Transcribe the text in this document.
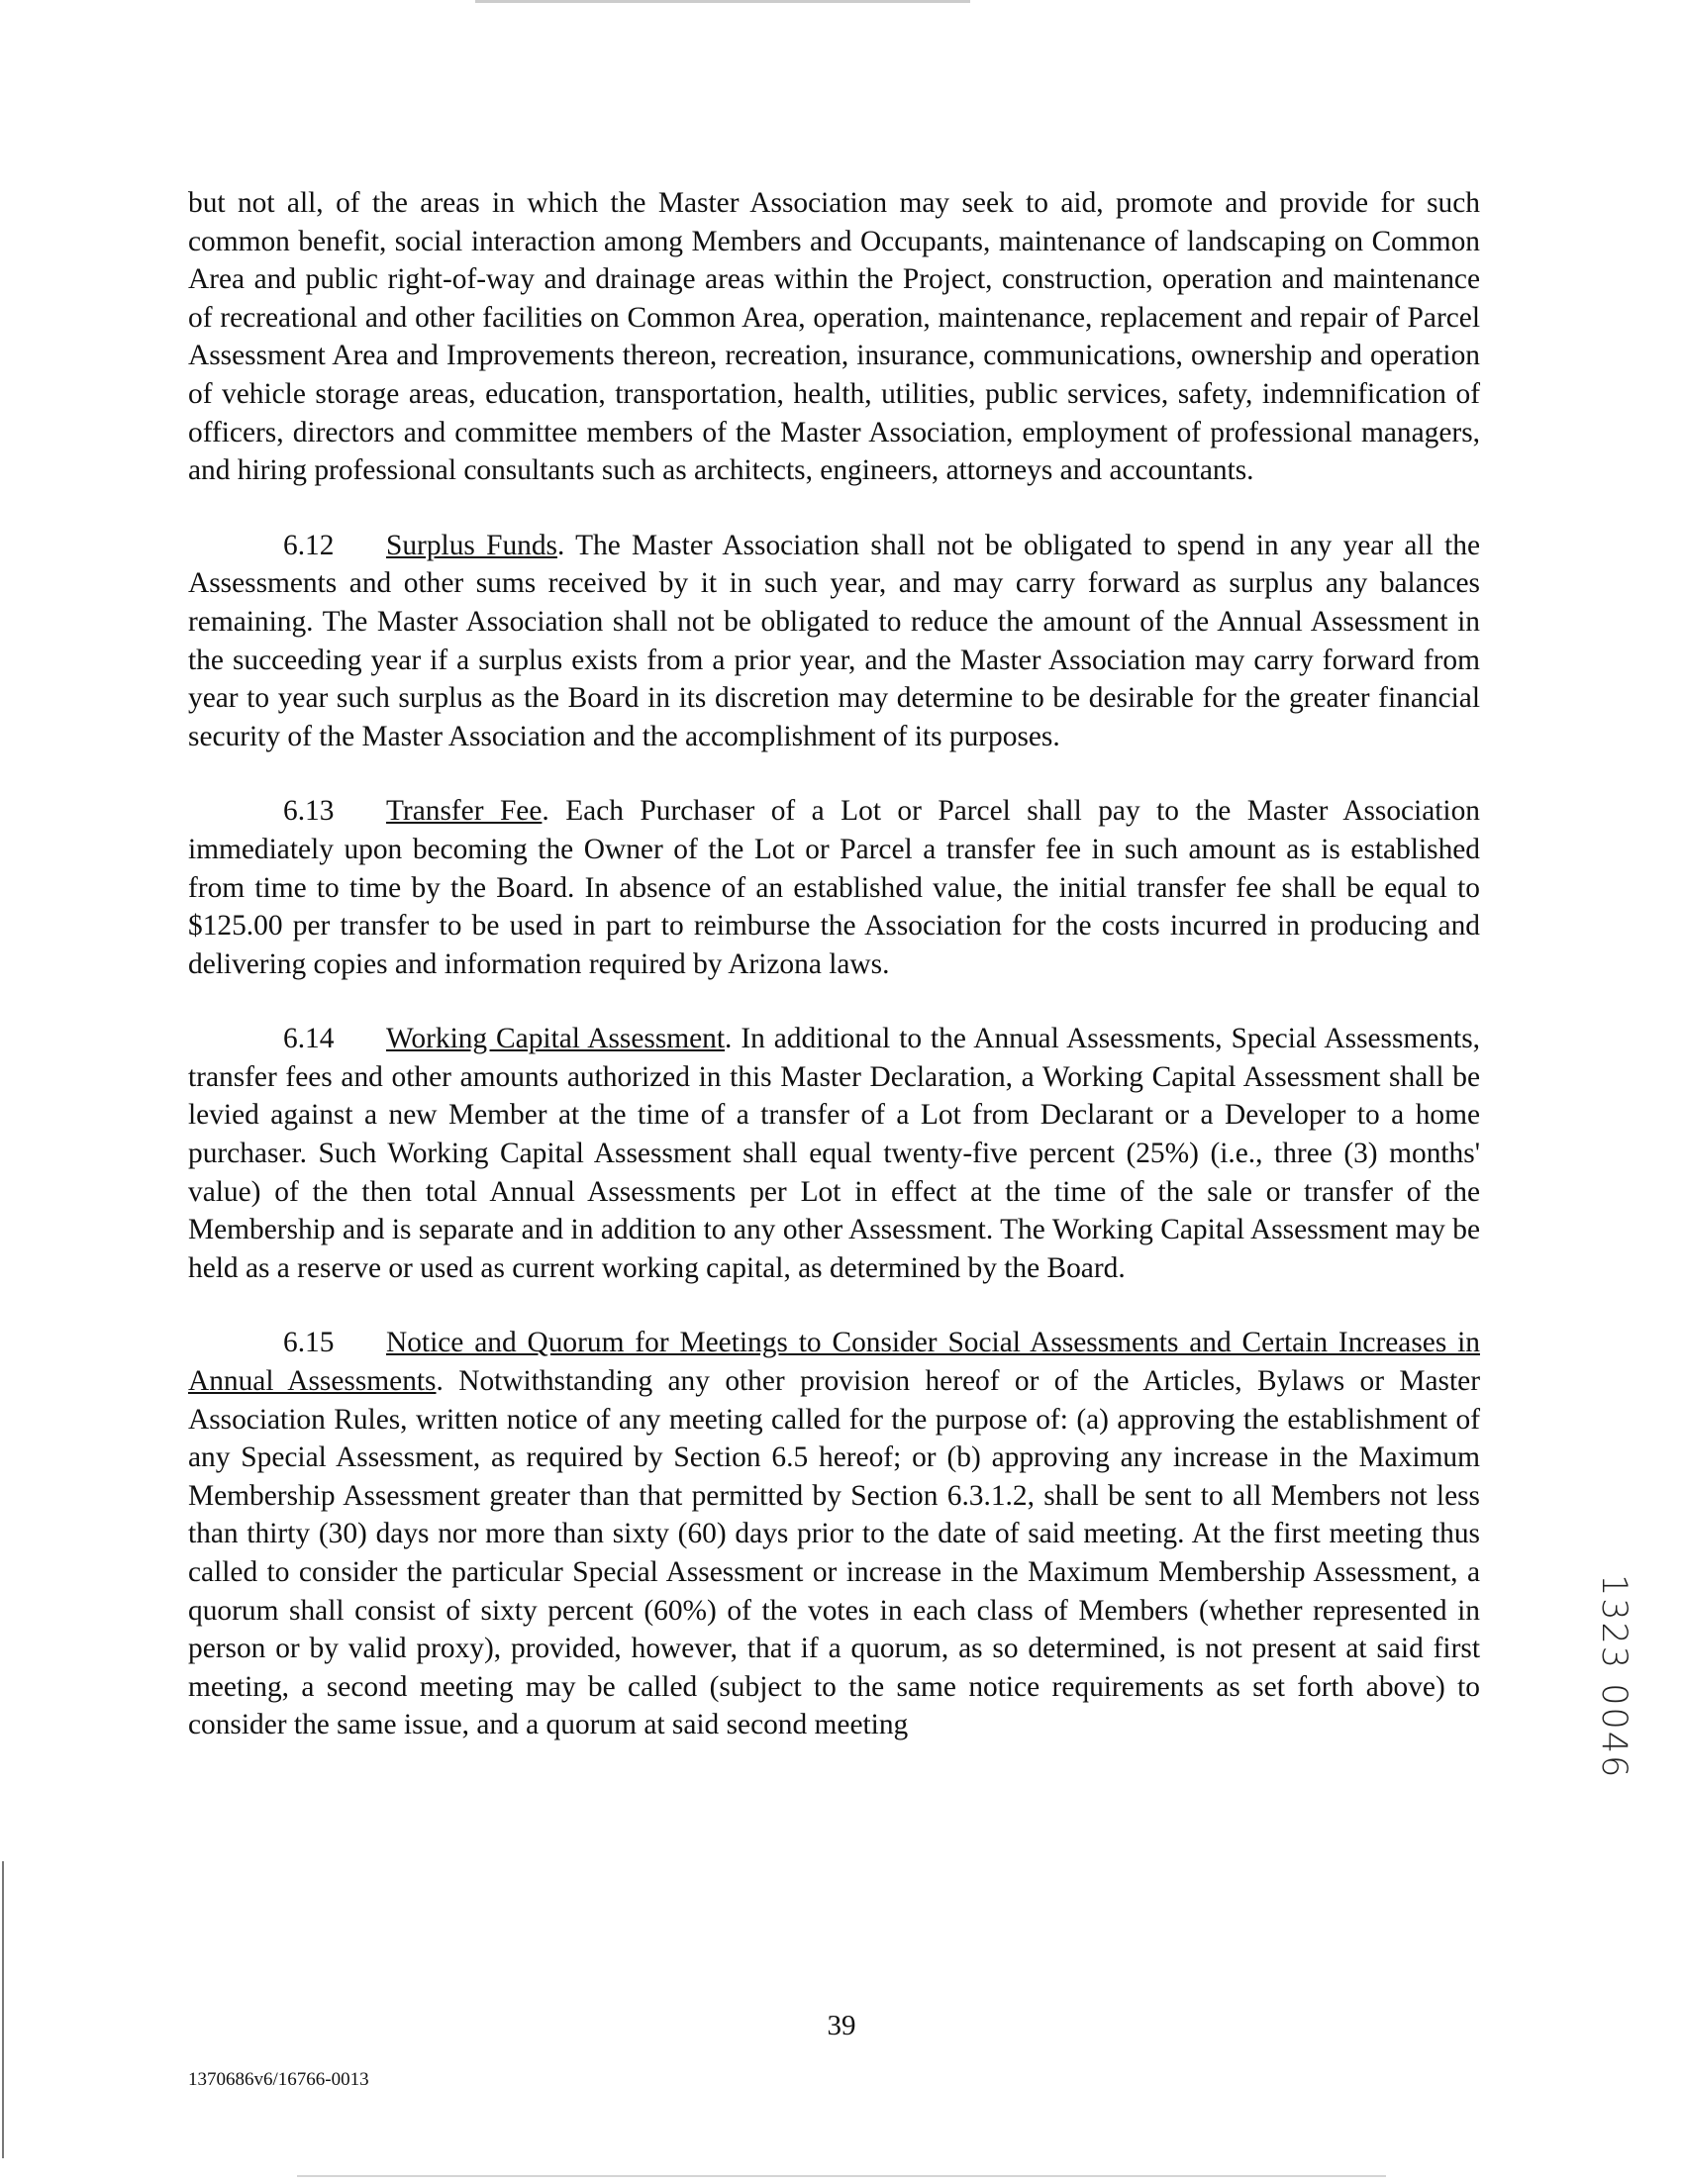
but not all, of the areas in which the Master Association may seek to aid, promote and provide for such common benefit, social interaction among Members and Occupants, maintenance of landscaping on Common Area and public right-of-way and drainage areas within the Project, construction, operation and maintenance of recreational and other facilities on Common Area, operation, maintenance, replacement and repair of Parcel Assessment Area and Improvements thereon, recreation, insurance, communications, ownership and operation of vehicle storage areas, education, transportation, health, utilities, public services, safety, indemnification of officers, directors and committee members of the Master Association, employment of professional managers, and hiring professional consultants such as architects, engineers, attorneys and accountants.

6.12 Surplus Funds. The Master Association shall not be obligated to spend in any year all the Assessments and other sums received by it in such year, and may carry forward as surplus any balances remaining. The Master Association shall not be obligated to reduce the amount of the Annual Assessment in the succeeding year if a surplus exists from a prior year, and the Master Association may carry forward from year to year such surplus as the Board in its discretion may determine to be desirable for the greater financial security of the Master Association and the accomplishment of its purposes.

6.13 Transfer Fee. Each Purchaser of a Lot or Parcel shall pay to the Master Association immediately upon becoming the Owner of the Lot or Parcel a transfer fee in such amount as is established from time to time by the Board. In absence of an established value, the initial transfer fee shall be equal to $125.00 per transfer to be used in part to reimburse the Association for the costs incurred in producing and delivering copies and information required by Arizona laws.

6.14 Working Capital Assessment. In additional to the Annual Assessments, Special Assessments, transfer fees and other amounts authorized in this Master Declaration, a Working Capital Assessment shall be levied against a new Member at the time of a transfer of a Lot from Declarant or a Developer to a home purchaser. Such Working Capital Assessment shall equal twenty-five percent (25%) (i.e., three (3) months' value) of the then total Annual Assessments per Lot in effect at the time of the sale or transfer of the Membership and is separate and in addition to any other Assessment. The Working Capital Assessment may be held as a reserve or used as current working capital, as determined by the Board.

6.15 Notice and Quorum for Meetings to Consider Social Assessments and Certain Increases in Annual Assessments. Notwithstanding any other provision hereof or of the Articles, Bylaws or Master Association Rules, written notice of any meeting called for the purpose of: (a) approving the establishment of any Special Assessment, as required by Section 6.5 hereof; or (b) approving any increase in the Maximum Membership Assessment greater than that permitted by Section 6.3.1.2, shall be sent to all Members not less than thirty (30) days nor more than sixty (60) days prior to the date of said meeting. At the first meeting thus called to consider the particular Special Assessment or increase in the Maximum Membership Assessment, a quorum shall consist of sixty percent (60%) of the votes in each class of Members (whether represented in person or by valid proxy), provided, however, that if a quorum, as so determined, is not present at said first meeting, a second meeting may be called (subject to the same notice requirements as set forth above) to consider the same issue, and a quorum at said second meeting	1323 0046
39
1370686v6/16766-0013
